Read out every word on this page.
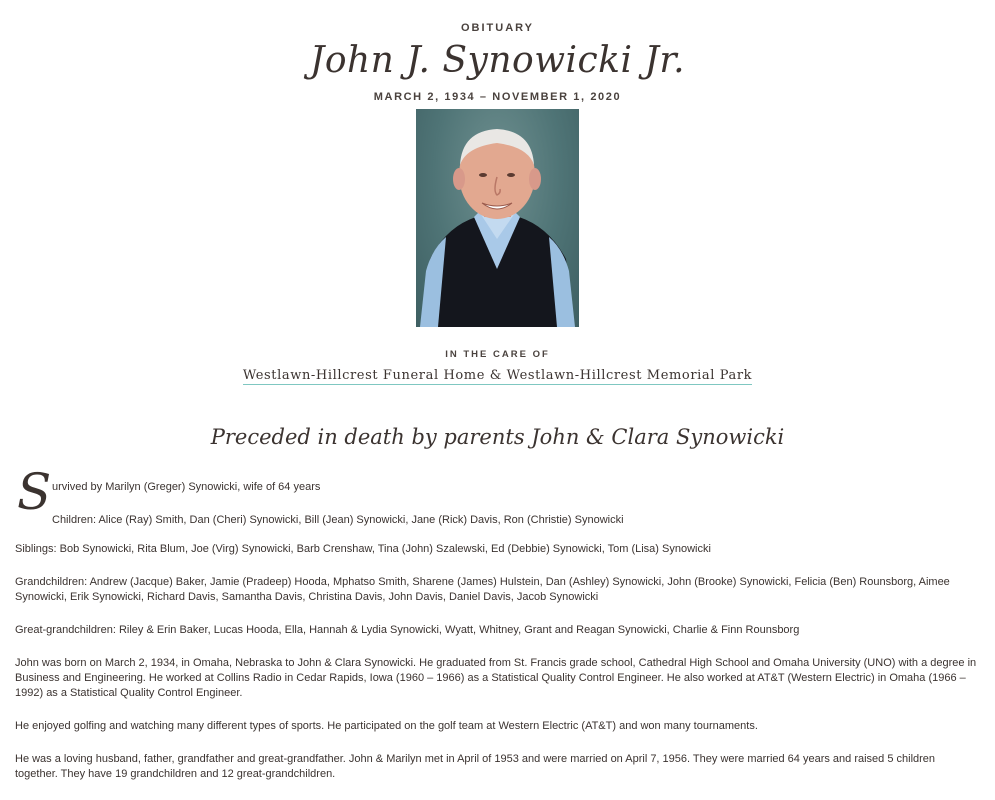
OBITUARY
John J. Synowicki Jr.
MARCH 2, 1934 – NOVEMBER 1, 2020
IN THE CARE OF
Westlawn-Hillcrest Funeral Home & Westlawn-Hillcrest Memorial Park
Preceded in death by parents John & Clara Synowicki
S urvived by Marilyn (Greger) Synowicki, wife of 64 years
Children: Alice (Ray) Smith, Dan (Cheri) Synowicki, Bill (Jean) Synowicki, Jane (Rick) Davis, Ron (Christie) Synowicki

Siblings: Bob Synowicki, Rita Blum, Joe (Virg) Synowicki, Barb Crenshaw, Tina (John) Szalewski, Ed (Debbie) Synowicki, Tom (Lisa) Synowicki

Grandchildren: Andrew (Jacque) Baker, Jamie (Pradeep) Hooda, Mphatso Smith, Sharene (James) Hulstein, Dan (Ashley) Synowicki, John (Brooke) Synowicki, Felicia (Ben) Rounsborg, Aimee Synowicki, Erik Synowicki, Richard Davis, Samantha Davis, Christina Davis, John Davis, Daniel Davis, Jacob Synowicki

Great-grandchildren: Riley & Erin Baker, Lucas Hooda, Ella, Hannah & Lydia Synowicki, Wyatt, Whitney, Grant and Reagan Synowicki, Charlie & Finn Rounsborg

John was born on March 2, 1934, in Omaha, Nebraska to John & Clara Synowicki. He graduated from St. Francis grade school, Cathedral High School and Omaha University (UNO) with a degree in Business and Engineering. He worked at Collins Radio in Cedar Rapids, Iowa (1960 – 1966) as a Statistical Quality Control Engineer. He also worked at AT&T (Western Electric) in Omaha (1966 – 1992) as a Statistical Quality Control Engineer.

He enjoyed golfing and watching many different types of sports. He participated on the golf team at Western Electric (AT&T) and won many tournaments.

He was a loving husband, father, grandfather and great-grandfather. John & Marilyn met in April of 1953 and were married on April 7, 1956. They were married 64 years and raised 5 children together. They have 19 grandchildren and 12 great-grandchildren.
